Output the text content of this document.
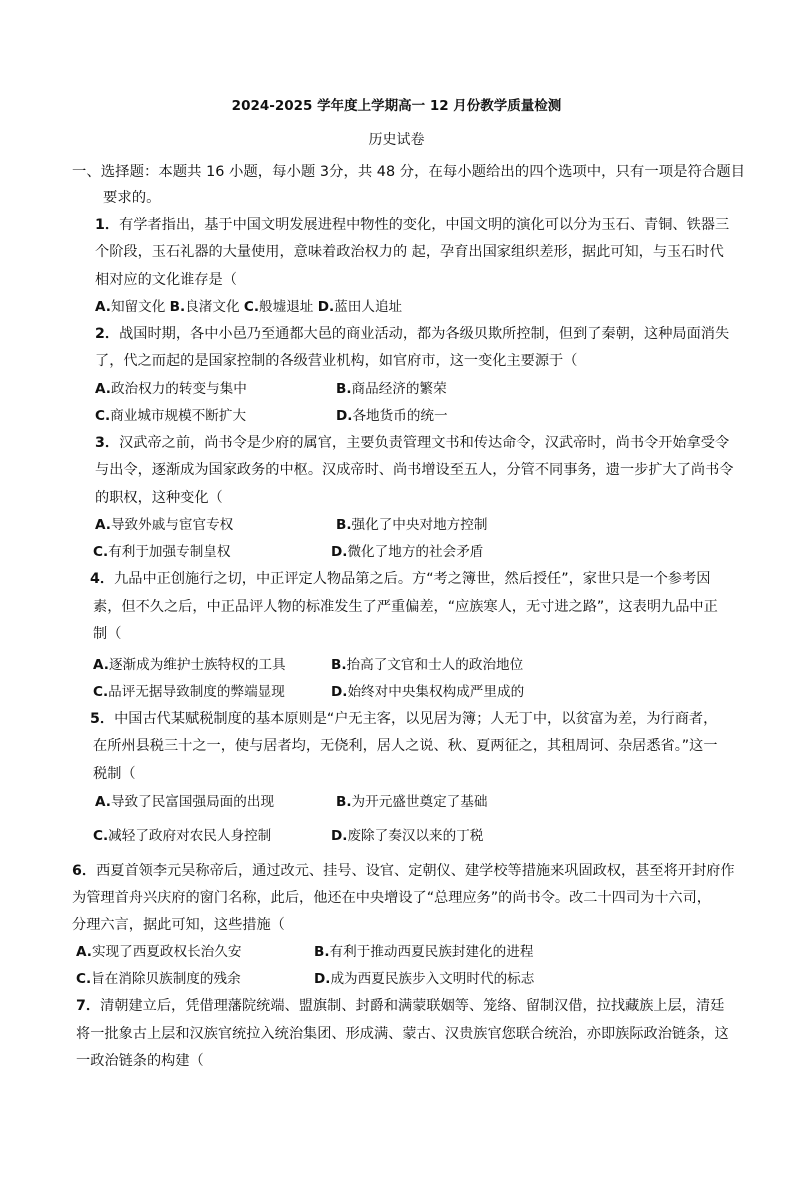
2024-2025 学年度上学期高一 12 月份教学质量检测
历史试卷
一、选择题：本题共 16 小题，每小题 3分，共 48 分，在每小题给出的四个选项中，只有一项是符合题目
要求的。
1．有学者指出，基于中国文明发展进程中物性的变化，中国文明的演化可以分为玉石、青铜、铁器三
个阶段，玉石礼器的大量使用，意味着政治权力的 起，孕育出国家组织差形，据此可知，与玉石时代
相对应的文化谁存是（
A.知留文化 B.良渚文化 C.般墟退址 D.蓝田人追址
2．战国时期，各中小邑乃至通都大邑的商业活动，都为各级贝欺所控制，但到了秦朝，这种局面消失
了，代之而起的是国家控制的各级营业机构，如官府市，这一变化主要源于（
A.政治权力的转变与集中	B.商品经济的繁荣
C.商业城市规模不断扩大	D.各地货币的统一
3．汉武帝之前，尚书令是少府的属官，主要负责管理文书和传达命令，汉武帝时，尚书令开始拿受令
与出令，逐渐成为国家政务的中枢。汉成帝时、尚书增设至五人，分管不同事务，遗一步扩大了尚书令
的职权，这种变化（
A.导致外戚与宦官专权	B.强化了中央对地方控制
C.有利于加强专制皇权	D.微化了地方的社会矛盾
4．九品中正创施行之切，中正评定人物品第之后。方“考之簿世，然后授任”，家世只是一个参考因
素，但不久之后，中正品评人物的标准发生了严重偏差，“应族寒人，无寸进之路”，这表明九品中正
制（
A.逐渐成为维护士族特权的工具	B.抬高了文官和士人的政治地位
C.品评无据导致制度的弊端显现	D.始终对中央集权构成严里成的
5．中国古代某赋税制度的基本原则是“户无主客，以见居为簿；人无丁中，以贫富为差，为行商者，
在所州县税三十之一，使与居者均，无侥利，居人之说、秋、夏两征之，其租周诃、杂居悉省。”这一
税制（
A.导致了民富国强局面的出现	B.为开元盛世奠定了基础
C.减轻了政府对农民人身控制	D.废除了奏汉以来的丁税
6．西夏首领李元吴称帝后，通过改元、挂号、设官、定朝仪、建学校等措施来巩固政权，甚至将开封府作
为管理首舟兴庆府的窗门名称，此后，他还在中央增设了“总理应务”的尚书令。改二十四司为十六司，
分理六言，据此可知，这些措施（
A.实现了西夏政权长治久安	B.有利于推动西夏民族封建化的进程
C.旨在消除贝族制度的残余	D.成为西夏民族步入文明时代的标志
7．清朝建立后，凭借理藩院统端、盟旗制、封爵和满蒙联姻等、笼络、留制汉借，拉找藏族上层，清廷
将一批象古上层和汉族官统拉入统治集团、形成满、蒙古、汉贵族官您联合统治，亦即族际政治链条，这
一政治链条的构建（
